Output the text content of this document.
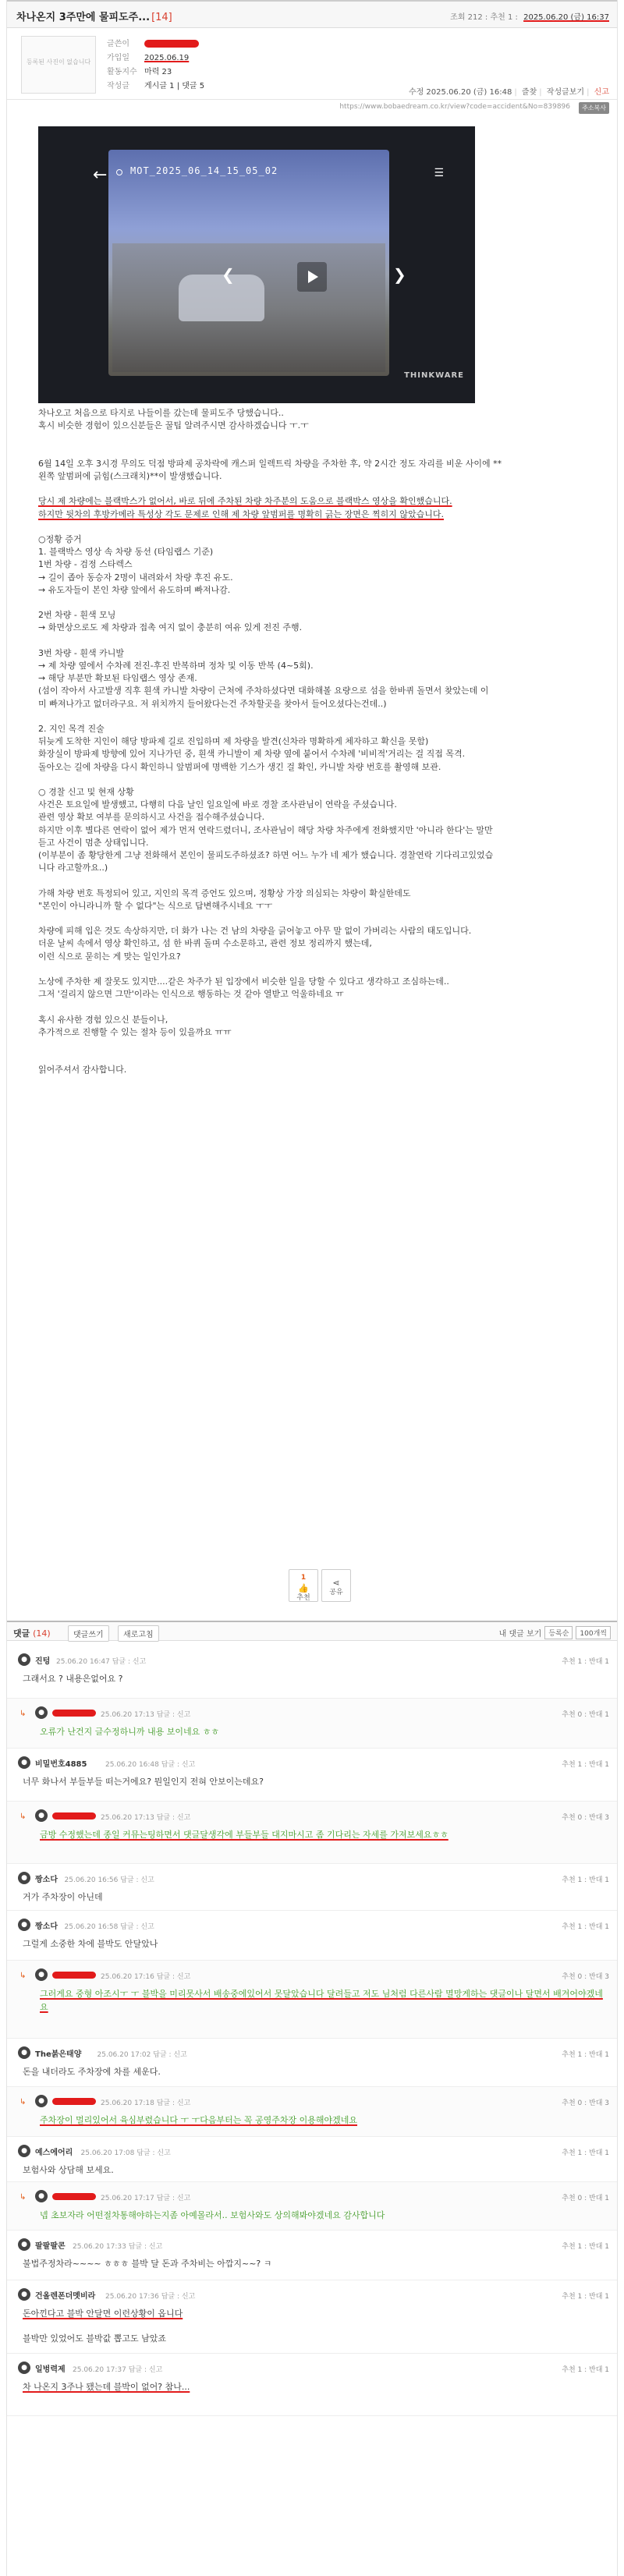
차나온지 3주만에 물피도주... [14]	조회 212 : 추천 1 : 2025.06.20 (금) 16:37
등록된 사진이 없습니다
글쓴이
가입일	2025.06.19
활동지수 마력 23
작성글	게시글 1 | 댓글 5
수정 2025.06.20 (금) 16:48 | 즐찾 | 작성글보기 | 신고
https://www.bobaedream.co.kr/view?code=accident&No=839896	주소복사
← MOT_2025_06_14_15_05_02	☰
❮	❯
THINKWARE

차나오고 처음으로 타지로 나들이를 갔는데 물피도주 당했습니다..

혹시 비슷한 경험이 있으신분들은 꿀팁 알려주시면 감사하겠습니다 ㅜ.ㅜ

6월 14일 오후 3시경 무의도 덕점 방파제 공차락에 캐스퍼 일렉트릭 차량을 주차한 후, 약 2시간 정도 자리를 비운 사이에 **

왼쪽 앞범퍼에 긁힘(스크래치)**이 발생했습니다.

당시 제 차량에는 블랙박스가 없어서, 바로 뒤에 주차된 차량 차주분의 도움으로 블랙박스 영상을 확인했습니다.

하지만 뒷차의 후방카메라 특성상 각도 문제로 인해 제 차량 앞범퍼를 명확히 긁는 장면은 찍히지 않았습니다.

○정황 증거

1. 블랙박스 영상 속 차량 동선 (타임랩스 기준)

1번 차량 - 검정 스타렉스

→ 길이 좁아 동승자 2명이 내려와서 차량 후진 유도.

→ 유도자들이 본인 차량 앞에서 유도하며 빠져나감.

2번 차량 - 흰색 모닝

→ 화면상으로도 제 차량과 접촉 여지 없이 충분히 여유 있게 전진 주행.

3번 차량 - 흰색 카니발

→ 제 차량 옆에서 수차례 전진-후진 반복하며 정차 및 이동 반복 (4~5회).

→ 해당 부분만 확보된 타임랩스 영상 존재.

(섬이 작아서 사고발생 직후 흰색 카니발 차량이 근처에 주차하셨다면 대화해볼 요량으로 섬을 한바퀴 돌면서 찾았는데 이

미 빠져나가고 없더라구요. 저 위치까지 들어왔다는건 주차할곳을 찾아서 들어오셨다는건데..)

2. 지인 목격 진술

뒤늦게 도착한 지인이 해당 방파제 길로 진입하며 제 차량을 발견(신차라 명확하게 체자하고 확신을 못함)

화장실이 방파제 방향에 있어 지나가던 중, 흰색 카니발이 제 차량 옆에 붙어서 수차례 '비비적'거리는 걸 직접 목격.

돌아오는 길에 차량을 다시 확인하니 앞범퍼에 명백한 기스가 생긴 걸 확인, 카니발 차량 번호를 촬영해 보관.

○ 경찰 신고 및 현재 상황

사건은 토요일에 발생했고, 다행히 다음 날인 일요일에 바로 경찰 조사관님이 연락을 주셨습니다.

관련 영상 확보 여부를 문의하시고 사건을 접수해주셨습니다.

하지만 이후 별다른 연락이 없어 제가 먼저 연락드렸더니, 조사관님이 해당 차량 차주에게 전화했지만 '아니라 한다'는 말만

듣고 사건이 멈춘 상태입니다.

(이부분이 좀 황당한게 그냥 전화해서 본인이 물피도주하셨죠? 하면 어느 누가 네 제가 했습니다. 경찰연락 기다리고있었습

니다 라고할까요..)

가해 차량 번호 특정되어 있고, 지인의 목격 증언도 있으며, 정황상 가장 의심되는 차량이 확실한데도

"본인이 아니라니까 할 수 없다"는 식으로 답변해주시네요 ㅜㅜ

차량에 피해 입은 것도 속상하지만, 더 화가 나는 건 남의 차량을 긁어놓고 아무 말 없이 가버리는 사람의 태도입니다.

더운 날씨 속에서 영상 확인하고, 섬 한 바퀴 돌며 수소문하고, 관련 정보 정리까지 했는데,

이런 식으로 묻히는 게 맞는 일인가요?

노상에 주차한 제 잘못도 있지만....같은 차주가 된 입장에서 비슷한 일을 당할 수 있다고 생각하고 조심하는데..

그저 '걸리지 않으면 그만'이라는 인식으로 행동하는 것 같아 열받고 억울하네요 ㅠ

혹시 유사한 경험 있으신 분들이나,

추가적으로 진행할 수 있는 절차 등이 있을까요 ㅠㅠ

읽어주셔서 감사합니다.

1
👍
추천
⋖
공유
댓글 (14)	댓글쓰기	새로고침	내 댓글 보기	등록순	100개씩
●	진텅 25.06.20 16:47 답글 : 신고	추천 1 : 반대 1
그래서요 ? 내용은없어요 ?
↳	●	25.06.20 17:13 답글 : 신고	추천 0 : 반대 1
오류가 난건지 글수정하니까 내용 보이네요 ㅎㅎ
●	비밀번호4885	25.06.20 16:48 답글 : 신고	추천 1 : 반대 1
너무 화나서 부들부들 떠는거에요? 뭔일인지 전혀 안보이는데요?
↳	●	25.06.20 17:13 답글 : 신고	추천 0 : 반대 3
금방 수정했는데 종일 커뮤는팅하면서 댓글달생각에 부들부들 대지마시고 좀 기다리는 자세를 가져보세요ㅎㅎ
●	짱소다 25.06.20 16:56 답글 : 신고	추천 1 : 반대 1
거가 주차장이 아닌데
●	짱소다 25.06.20 16:58 답글 : 신고	추천 1 : 반대 1
그럴게 소중한 차에 블박도 안달았나
↳	●	25.06.20 17:16 답글 : 신고	추천 0 : 반대 3
그러게요 중형 아조시ㅜ ㅜ 블박을 미리못사서 배송중에있어서 못달았습니다 달려들고 저도 님처럼 다른사람 멸망게하는 댓글이나 달면서 배겨어야겠네요
●	The붉은태양 25.06.20 17:02 답글 : 신고	추천 1 : 반대 1
돈을 내더라도 주차장에 차를 세운다.
↳	●	25.06.20 17:18 답글 : 신고	추천 0 : 반대 3
주차장이 멀리있어서 육심부렸습니다 ㅜ ㅜ다음부터는 꼭 공영주차장 이용해야겠네요
●	예스에어리 25.06.20 17:08 답글 : 신고	추천 1 : 반대 1
보험사와 상담해 보세요.
↳	●	25.06.20 17:17 답글 : 신고	추천 0 : 반대 1
넵 초보자라 어떤절차통해야하는지좀 아예몰라서.. 보험사와도 상의해봐야겠네요 감사합니다
●	팔팔팔콘 25.06.20 17:33 답글 : 신고	추천 1 : 반대 1
불법주정차라~~~~ ㅎㅎㅎ 블박 달 돈과 주차비는 아깝지~~? ㅋ
●	건올렌폰더멧비라 25.06.20 17:36 답글 : 신고	추천 1 : 반대 1
돈아낀다고 블박 안달면 이런상황이 옵니다
블박만 있었어도 블박값 뽑고도 남았죠
●	일벙력제 25.06.20 17:37 답글 : 신고	추천 1 : 반대 1
차 나온지 3주나 됐는데 블박이 없어? 참나...
